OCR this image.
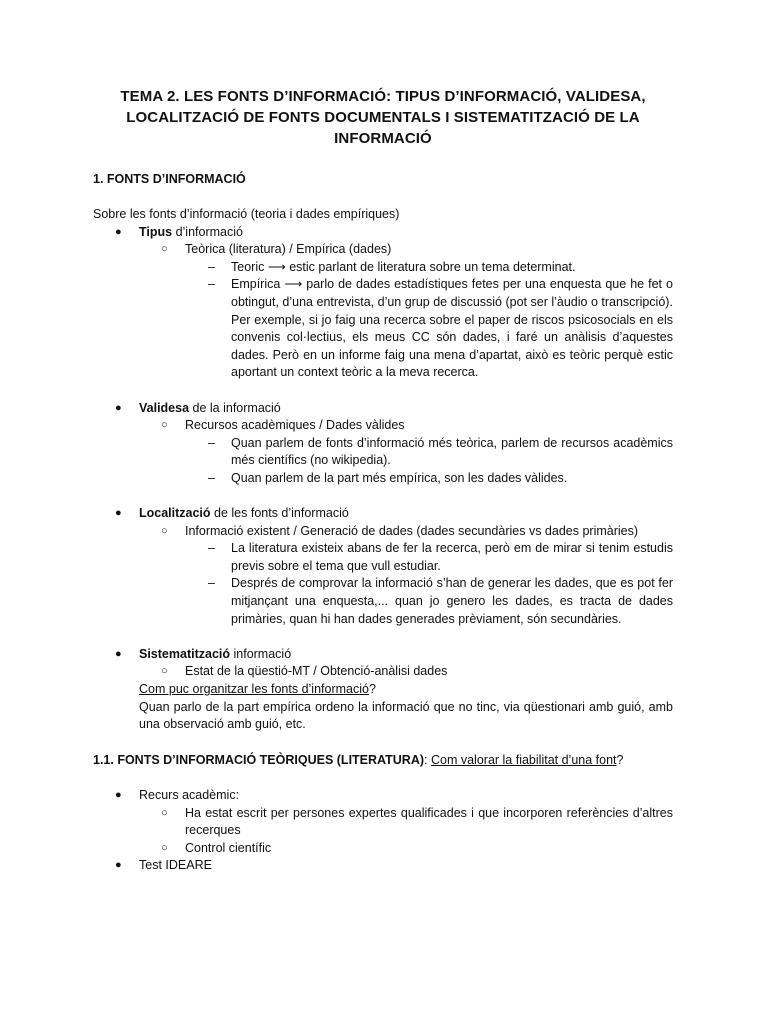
TEMA 2. LES FONTS D’INFORMACIÓ: TIPUS D’INFORMACIÓ, VALIDESA, LOCALITZACIÓ DE FONTS DOCUMENTALS I SISTEMATITZACIÓ DE LA INFORMACIÓ
1. FONTS D’INFORMACIÓ

Sobre les fonts d’informació (teoria i dades empíriques)

● Tipus d’informació
○ Teòrica (literatura) / Empírica (dades)
– Teoric ⟶ estic parlant de literatura sobre un tema determinat.
– Empírica ⟶ parlo de dades estadístiques fetes per una enquesta que he fet o obtingut, d’una entrevista, d’un grup de discussió (pot ser l’àudio o transcripció).
Per exemple, si jo faig una recerca sobre el paper de riscos psicosocials en els convenis col·lectius, els meus CC són dades, i faré un anàlisis d’aquestes dades. Però en un informe faig una mena d’apartat, això es teòric perquè estic aportant un context teòric a la meva recerca.
● Validesa de la informació
○ Recursos acadèmiques / Dades vàlides
– Quan parlem de fonts d’informació més teòrica, parlem de recursos acadèmics més científics (no wikipedia).
– Quan parlem de la part més empírica, son les dades vàlides.
● Localització de les fonts d’informació
○ Informació existent / Generació de dades (dades secundàries vs dades primàries)
– La literatura existeix abans de fer la recerca, però em de mirar si tenim estudis previs sobre el tema que vull estudiar.
– Després de comprovar la informació s’han de generar les dades, que es pot fer mitjançant una enquesta,... quan jo genero les dades, es tracta de dades primàries, quan hi han dades generades prèviament, són secundàries.
● Sistematització informació
○ Estat de la qüestió-MT / Obtenció-anàlisi dades
Com puc organitzar les fonts d’informació?
Quan parlo de la part empírica ordeno la informació que no tinc, via qüestionari amb guió, amb una observació amb guió, etc.
1.1. FONTS D’INFORMACIÓ TEÒRIQUES (LITERATURA): Com valorar la fiabilitat d’una font?
● Recurs acadèmic:
○ Ha estat escrit per persones expertes qualificades i que incorporen referències d’altres recerques
○ Control científic
● Test IDEARE
